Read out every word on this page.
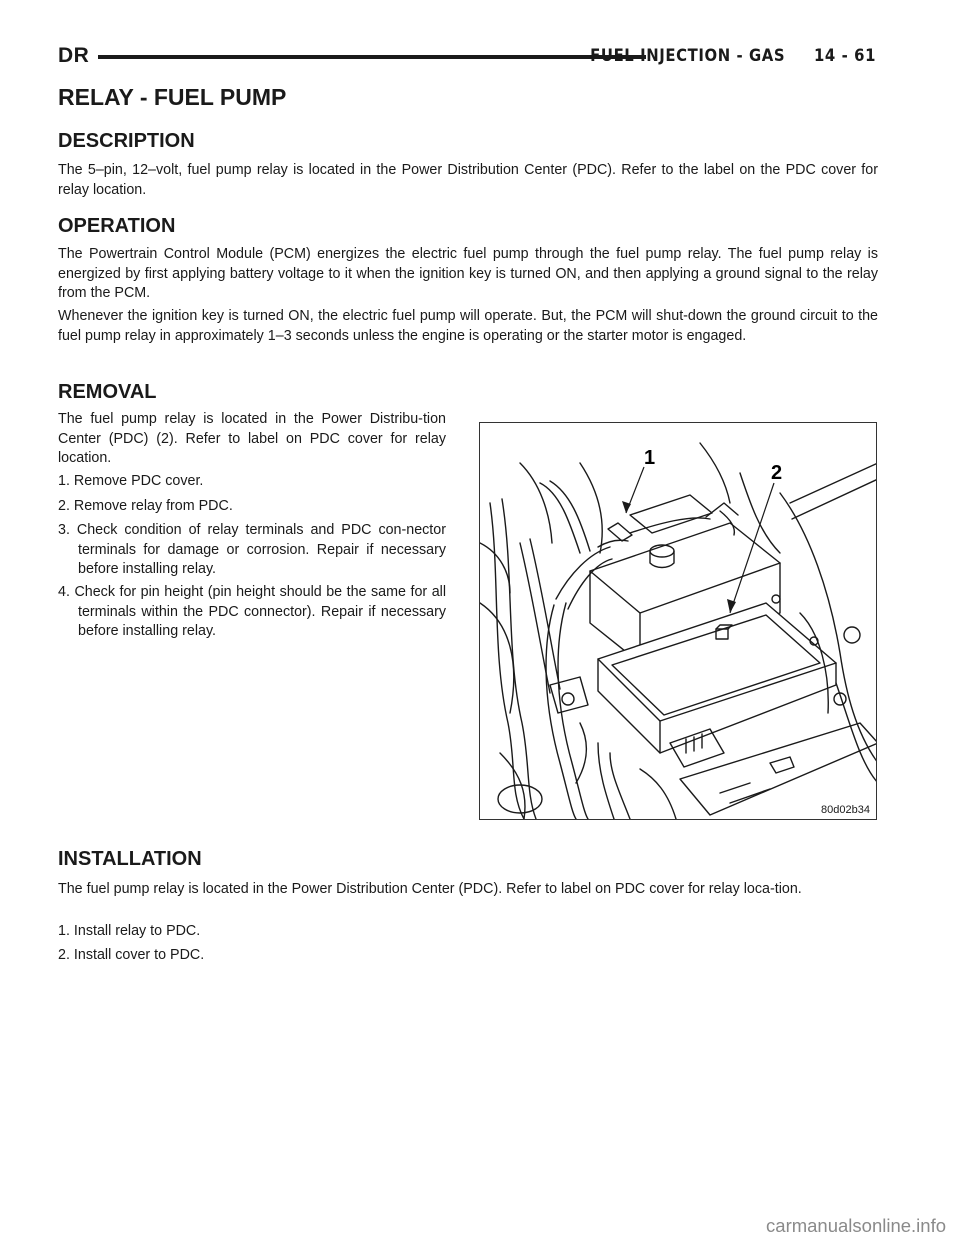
DR	FUEL INJECTION - GAS     14 - 61
RELAY - FUEL PUMP
DESCRIPTION

The 5–pin, 12–volt, fuel pump relay is located in the Power Distribution Center (PDC). Refer to the label on the PDC cover for relay location.

OPERATION

The Powertrain Control Module (PCM) energizes the electric fuel pump through the fuel pump relay. The fuel pump relay is energized by first applying battery voltage to it when the ignition key is turned ON, and then applying a ground signal to the relay from the PCM.

Whenever the ignition key is turned ON, the electric fuel pump will operate. But, the PCM will shut-down the ground circuit to the fuel pump relay in approximately 1–3 seconds unless the engine is operating or the starter motor is engaged.

REMOVAL

The fuel pump relay is located in the Power Distribu-tion Center (PDC) (2). Refer to label on PDC cover for relay location.

1. Remove PDC cover.

2. Remove relay from PDC.

3. Check condition of relay terminals and PDC con-nector terminals for damage or corrosion. Repair if necessary before installing relay.

4. Check for pin height (pin height should be the same for all terminals within the PDC connector). Repair if necessary before installing relay.

1
2
80d02b34
INSTALLATION

The fuel pump relay is located in the Power Distribution Center (PDC). Refer to label on PDC cover for relay loca-tion.

1. Install relay to PDC.

2. Install cover to PDC.

carmanualsonline.info
